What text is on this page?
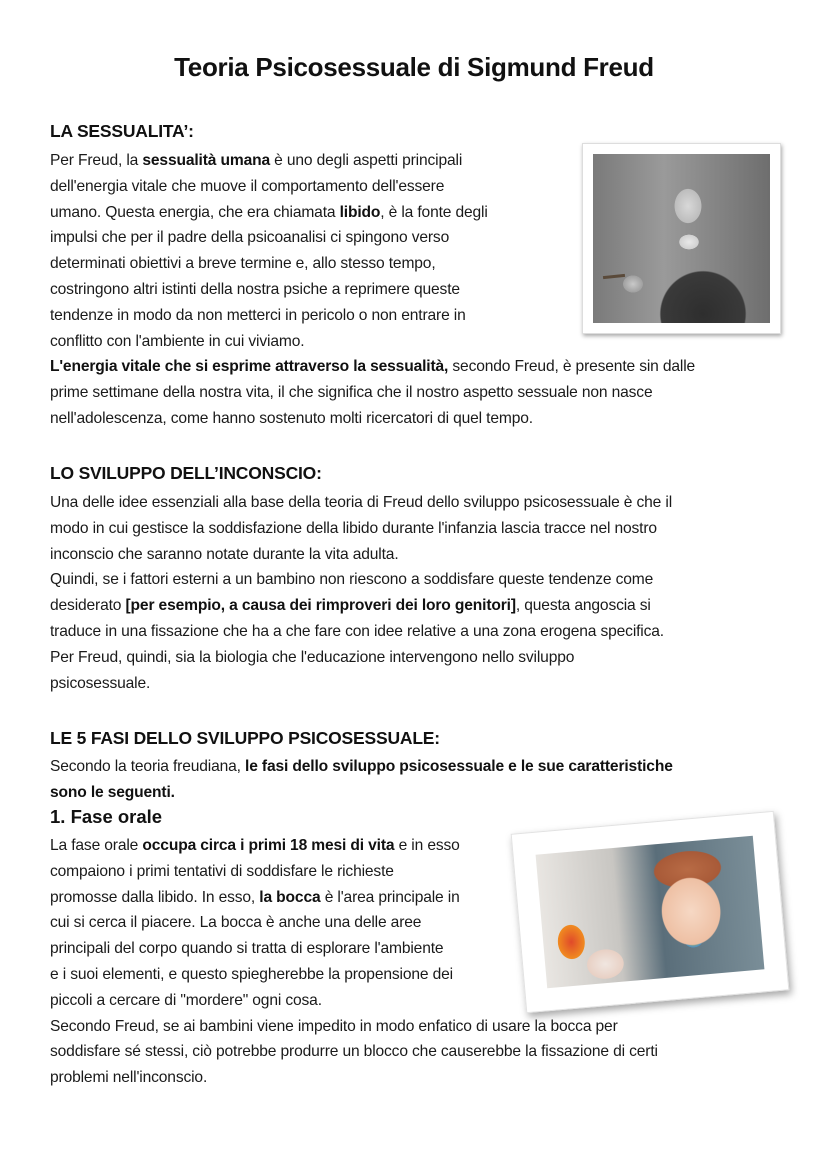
Teoria Psicosessuale di Sigmund Freud
LA SESSUALITA’:
Per Freud, la sessualità umana è uno degli aspetti principali
dell'energia vitale che muove il comportamento dell'essere
umano. Questa energia, che era chiamata libido, è la fonte degli
impulsi che per il padre della psicoanalisi ci spingono verso
determinati obiettivi a breve termine e, allo stesso tempo,
costringono altri istinti della nostra psiche a reprimere queste
tendenze in modo da non metterci in pericolo o non entrare in
conflitto con l'ambiente in cui viviamo.
L'energia vitale che si esprime attraverso la sessualità, secondo Freud, è presente sin dalle
prime settimane della nostra vita, il che significa che il nostro aspetto sessuale non nasce
nell'adolescenza, come hanno sostenuto molti ricercatori di quel tempo.
LO SVILUPPO DELL’INCONSCIO:
Una delle idee essenziali alla base della teoria di Freud dello sviluppo psicosessuale è che il
modo in cui gestisce la soddisfazione della libido durante l'infanzia lascia tracce nel nostro
inconscio che saranno notate durante la vita adulta.
Quindi, se i fattori esterni a un bambino non riescono a soddisfare queste tendenze come
desiderato [per esempio, a causa dei rimproveri dei loro genitori], questa angoscia si
traduce in una fissazione che ha a che fare con idee relative a una zona erogena specifica.
Per Freud, quindi, sia la biologia che l'educazione intervengono nello sviluppo
psicosessuale.
LE 5 FASI DELLO SVILUPPO PSICOSESSUALE:
Secondo la teoria freudiana, le fasi dello sviluppo psicosessuale e le sue caratteristiche
sono le seguenti.
1. Fase orale
La fase orale occupa circa i primi 18 mesi di vita e in esso
compaiono i primi tentativi di soddisfare le richieste
promosse dalla libido. In esso, la bocca è l'area principale in
cui si cerca il piacere. La bocca è anche una delle aree
principali del corpo quando si tratta di esplorare l'ambiente
e i suoi elementi, e questo spiegherebbe la propensione dei
piccoli a cercare di "mordere" ogni cosa.
Secondo Freud, se ai bambini viene impedito in modo enfatico di usare la bocca per
soddisfare sé stessi, ciò potrebbe produrre un blocco che causerebbe la fissazione di certi
problemi nell'inconscio.
